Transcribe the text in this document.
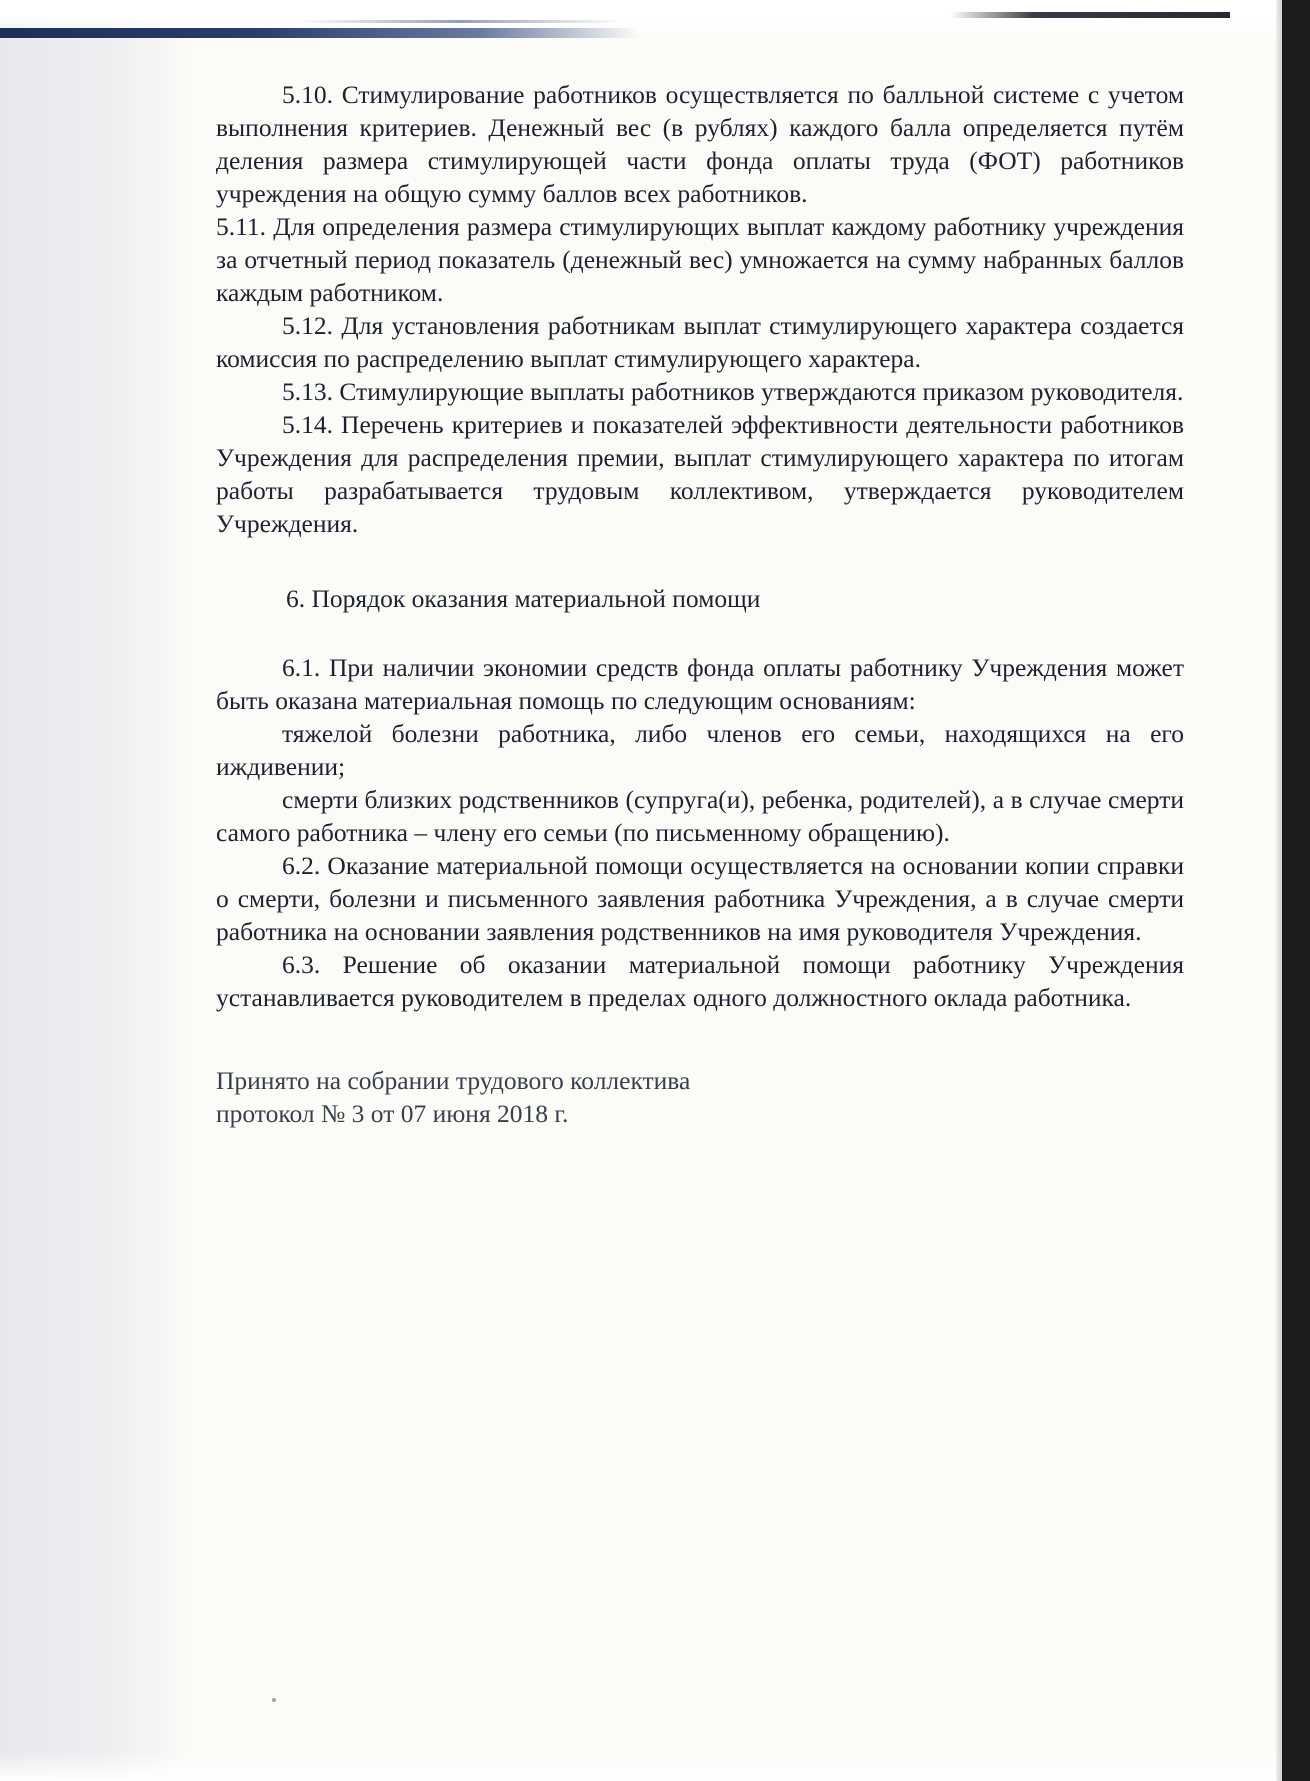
5.10. Стимулирование работников осуществляется по балльной системе с учетом выполнения критериев. Денежный вес (в рублях) каждого балла определяется путём деления размера стимулирующей части фонда оплаты труда (ФОТ) работников учреждения на общую сумму баллов всех работников.

5.11. Для определения размера стимулирующих выплат каждому работнику учреждения за отчетный период показатель (денежный вес) умножается на сумму набранных баллов каждым работником.

5.12. Для установления работникам выплат стимулирующего характера создается комиссия по распределению выплат стимулирующего характера.

5.13. Стимулирующие выплаты работников утверждаются приказом руководителя.

5.14. Перечень критериев и показателей эффективности деятельности работников Учреждения для распределения премии, выплат стимулирующего характера по итогам работы разрабатывается трудовым коллективом, утверждается руководителем Учреждения.

6. Порядок оказания материальной помощи

6.1. При наличии экономии средств фонда оплаты работнику Учреждения может быть оказана материальная помощь по следующим основаниям:

тяжелой болезни работника, либо членов его семьи, находящихся на его иждивении;

смерти близких родственников (супруга(и), ребенка, родителей), а в случае смерти самого работника – члену его семьи (по письменному обращению).

6.2. Оказание материальной помощи осуществляется на основании копии справки о смерти, болезни и письменного заявления работника Учреждения, а в случае смерти работника на основании заявления родственников на имя руководителя Учреждения.

6.3. Решение об оказании материальной помощи работнику Учреждения устанавливается руководителем в пределах одного должностного оклада работника.

Принято на собрании трудового коллектива
протокол № 3 от 07 июня 2018 г.
